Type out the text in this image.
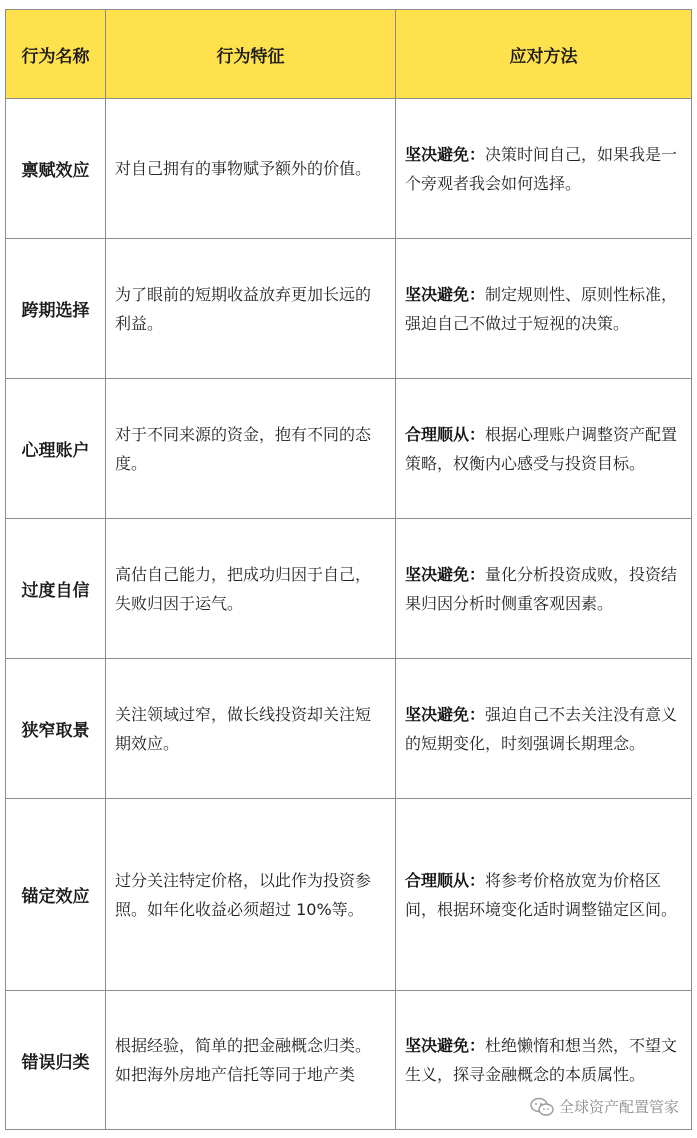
行为名称	行为特征	应对方法
禀赋效应	对自己拥有的事物赋予额外的价值。	坚决避免：决策时间自己，如果我是一个旁观者我会如何选择。
跨期选择	为了眼前的短期收益放弃更加长远的利益。	坚决避免：制定规则性、原则性标准，强迫自己不做过于短视的决策。
心理账户	对于不同来源的资金，抱有不同的态度。	合理顺从：根据心理账户调整资产配置策略，权衡内心感受与投资目标。
过度自信	高估自己能力，把成功归因于自己，失败归因于运气。	坚决避免：量化分析投资成败，投资结果归因分析时侧重客观因素。
狭窄取景	关注领域过窄，做长线投资却关注短期效应。	坚决避免：强迫自己不去关注没有意义的短期变化，时刻强调长期理念。
锚定效应	过分关注特定价格，以此作为投资参照。如年化收益必须超过 10%等。	合理顺从：将参考价格放宽为价格区间，根据环境变化适时调整锚定区间。
错误归类	根据经验，简单的把金融概念归类。如把海外房地产信托等同于地产类	坚决避免：杜绝懒惰和想当然，不望文生义，探寻金融概念的本质属性。
全球资产配置管家
